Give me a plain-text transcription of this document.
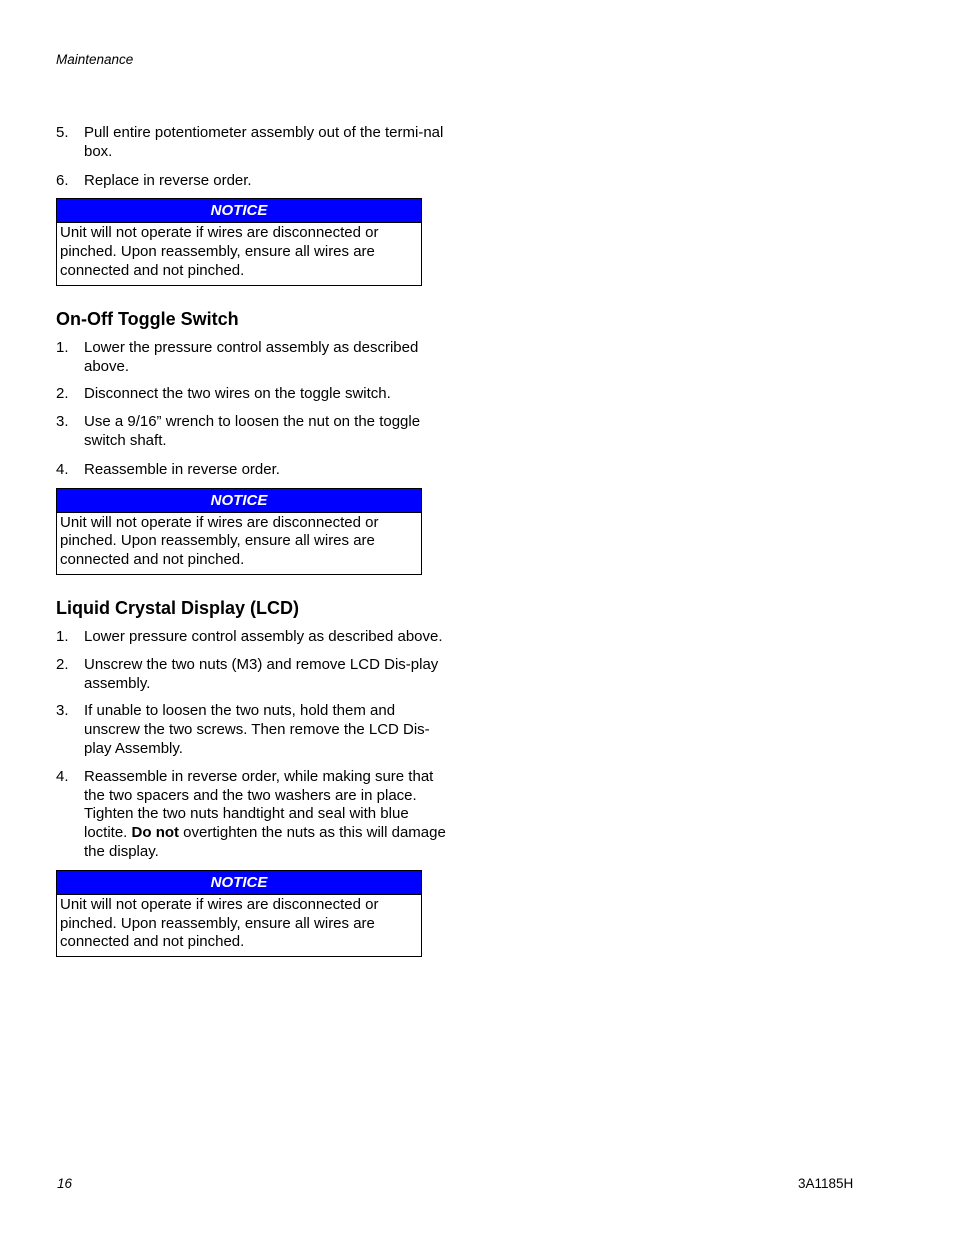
Maintenance
5.	Pull entire potentiometer assembly out of the termi-nal box.
6.	Replace in reverse order.
NOTICE
Unit will not operate if wires are disconnected or pinched. Upon reassembly, ensure all wires are connected and not pinched.
On-Off Toggle Switch
1.	Lower the pressure control assembly as described above.
2.	Disconnect the two wires on the toggle switch.
3.	Use a 9/16” wrench to loosen the nut on the toggle switch shaft.
4.	Reassemble in reverse order.
NOTICE
Unit will not operate if wires are disconnected or pinched. Upon reassembly, ensure all wires are connected and not pinched.
Liquid Crystal Display (LCD)
1.	Lower pressure control assembly as described above.
2.	Unscrew the two nuts (M3) and remove LCD Dis-play assembly.
3.	If unable to loosen the two nuts, hold them and unscrew the two screws. Then remove the LCD Dis-play Assembly.
4.	Reassemble in reverse order, while making sure that the two spacers and the two washers are in place. Tighten the two nuts handtight and seal with blue loctite. Do not overtighten the nuts as this will damage the display.
NOTICE
Unit will not operate if wires are disconnected or pinched. Upon reassembly, ensure all wires are connected and not pinched.
16	3A1185H
